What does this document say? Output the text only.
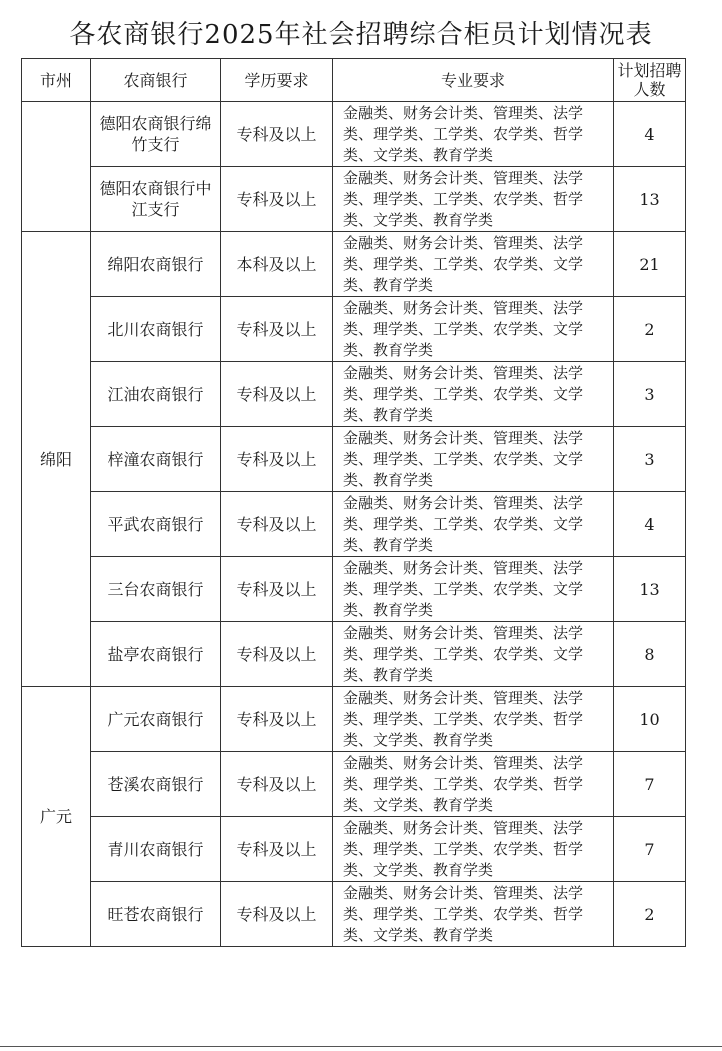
各农商银行2025年社会招聘综合柜员计划情况表
市州	农商银行	学历要求	专业要求	计划招聘人数
	德阳农商银行绵竹支行	专科及以上	金融类、财务会计类、管理类、法学类、理学类、工学类、农学类、哲学类、文学类、教育学类	4
	德阳农商银行中江支行	专科及以上	金融类、财务会计类、管理类、法学类、理学类、工学类、农学类、哲学类、文学类、教育学类	13
绵阳	绵阳农商银行	本科及以上	金融类、财务会计类、管理类、法学类、理学类、工学类、农学类、文学类、教育学类	21
	北川农商银行	专科及以上	金融类、财务会计类、管理类、法学类、理学类、工学类、农学类、文学类、教育学类	2
	江油农商银行	专科及以上	金融类、财务会计类、管理类、法学类、理学类、工学类、农学类、文学类、教育学类	3
	梓潼农商银行	专科及以上	金融类、财务会计类、管理类、法学类、理学类、工学类、农学类、文学类、教育学类	3
	平武农商银行	专科及以上	金融类、财务会计类、管理类、法学类、理学类、工学类、农学类、文学类、教育学类	4
	三台农商银行	专科及以上	金融类、财务会计类、管理类、法学类、理学类、工学类、农学类、文学类、教育学类	13
	盐亭农商银行	专科及以上	金融类、财务会计类、管理类、法学类、理学类、工学类、农学类、文学类、教育学类	8
广元	广元农商银行	专科及以上	金融类、财务会计类、管理类、法学类、理学类、工学类、农学类、哲学类、文学类、教育学类	10
	苍溪农商银行	专科及以上	金融类、财务会计类、管理类、法学类、理学类、工学类、农学类、哲学类、文学类、教育学类	7
	青川农商银行	专科及以上	金融类、财务会计类、管理类、法学类、理学类、工学类、农学类、哲学类、文学类、教育学类	7
	旺苍农商银行	专科及以上	金融类、财务会计类、管理类、法学类、理学类、工学类、农学类、哲学类、文学类、教育学类	2
